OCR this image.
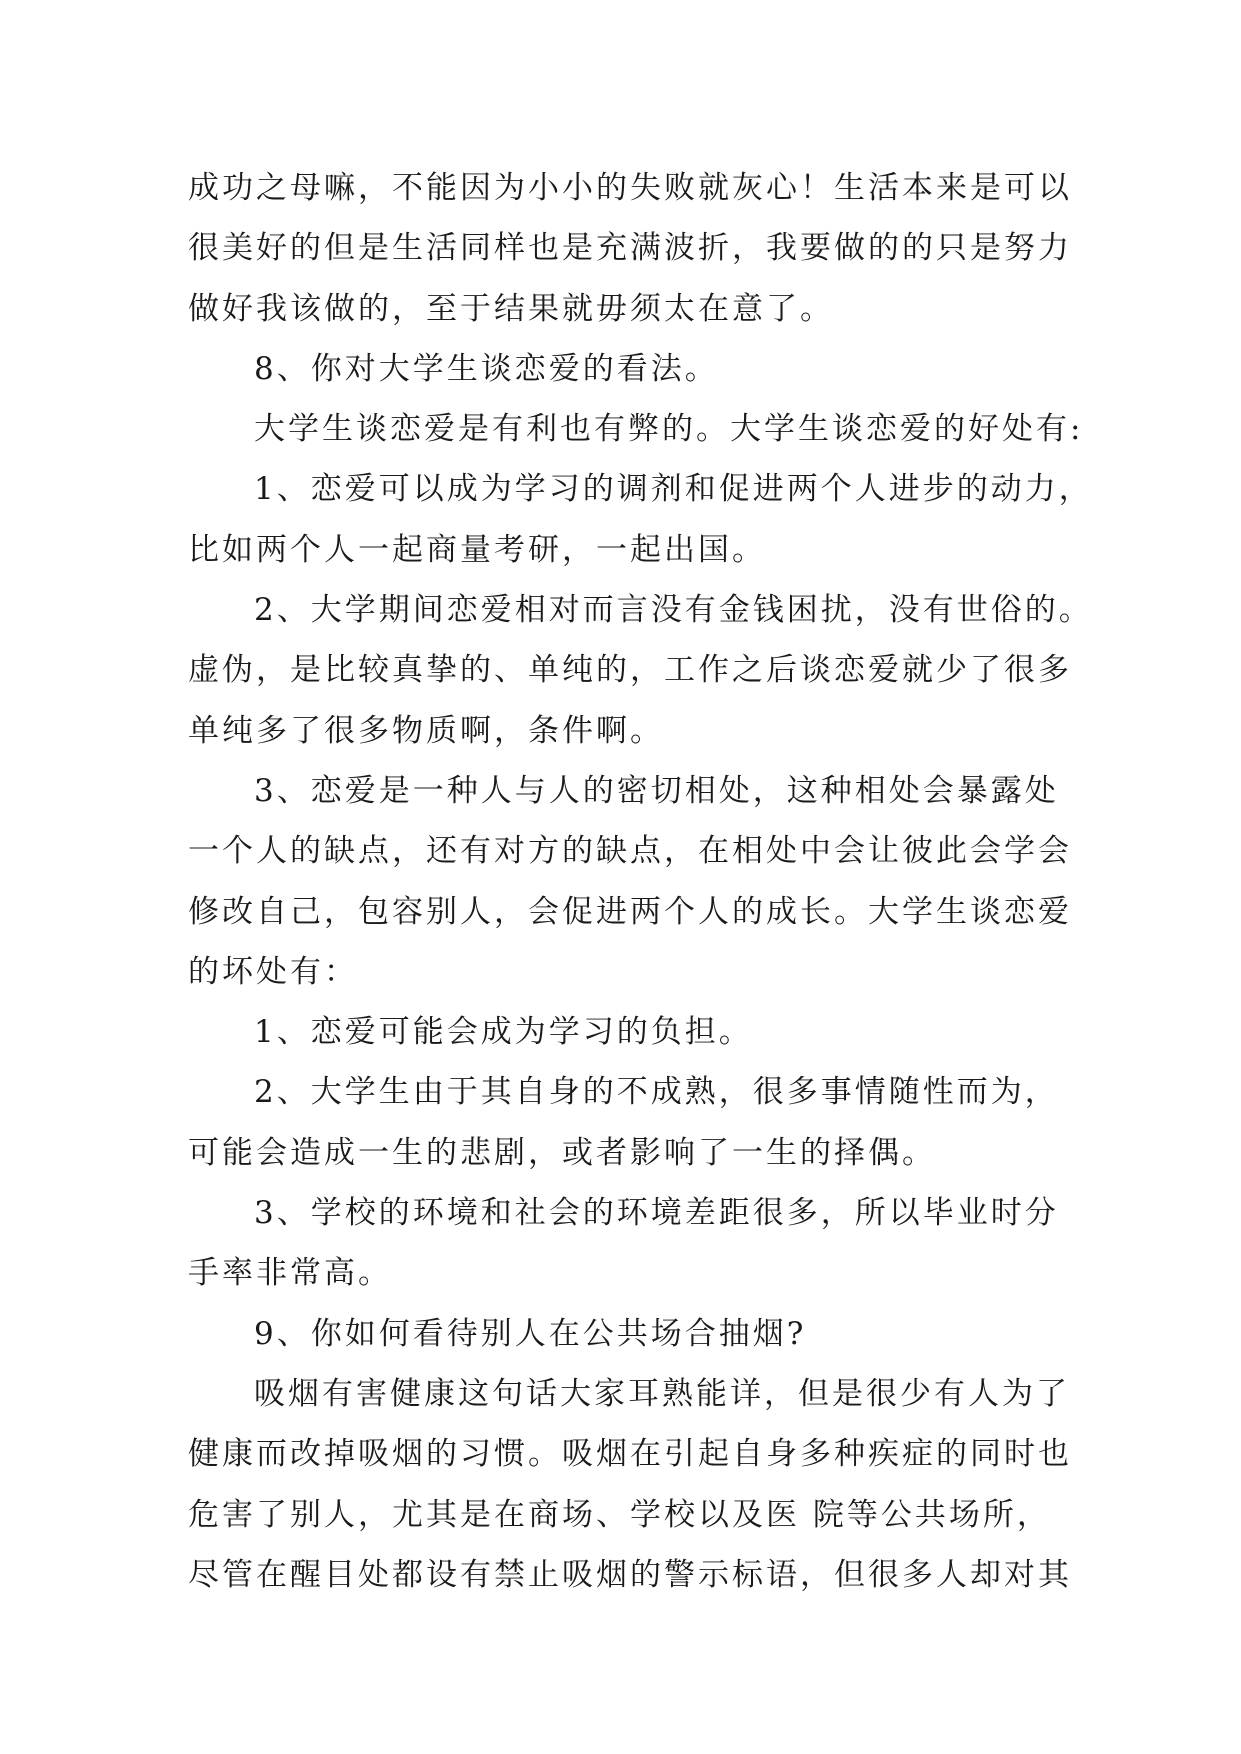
成功之母嘛，不能因为小小的失败就灰心！生活本来是可以
很美好的但是生活同样也是充满波折，我要做的的只是努力
做好我该做的，至于结果就毋须太在意了。
8、你对大学生谈恋爱的看法。
大学生谈恋爱是有利也有弊的。大学生谈恋爱的好处有:
1、恋爱可以成为学习的调剂和促进两个人进步的动力，
比如两个人一起商量考研，一起出国。
2、大学期间恋爱相对而言没有金钱困扰，没有世俗的。
虚伪，是比较真挚的、单纯的，工作之后谈恋爱就少了很多
单纯多了很多物质啊，条件啊。
3、恋爱是一种人与人的密切相处，这种相处会暴露处
一个人的缺点，还有对方的缺点，在相处中会让彼此会学会
修改自己，包容别人，会促进两个人的成长。大学生谈恋爱
的坏处有：
1、恋爱可能会成为学习的负担。
2、大学生由于其自身的不成熟，很多事情随性而为，
可能会造成一生的悲剧，或者影响了一生的择偶。
3、学校的环境和社会的环境差距很多，所以毕业时分
手率非常高。
9、你如何看待别人在公共场合抽烟?
吸烟有害健康这句话大家耳熟能详，但是很少有人为了
健康而改掉吸烟的习惯。吸烟在引起自身多种疾症的同时也
危害了别人，尤其是在商场、学校以及医 院等公共场所，
尽管在醒目处都设有禁止吸烟的警示标语，但很多人却对其
